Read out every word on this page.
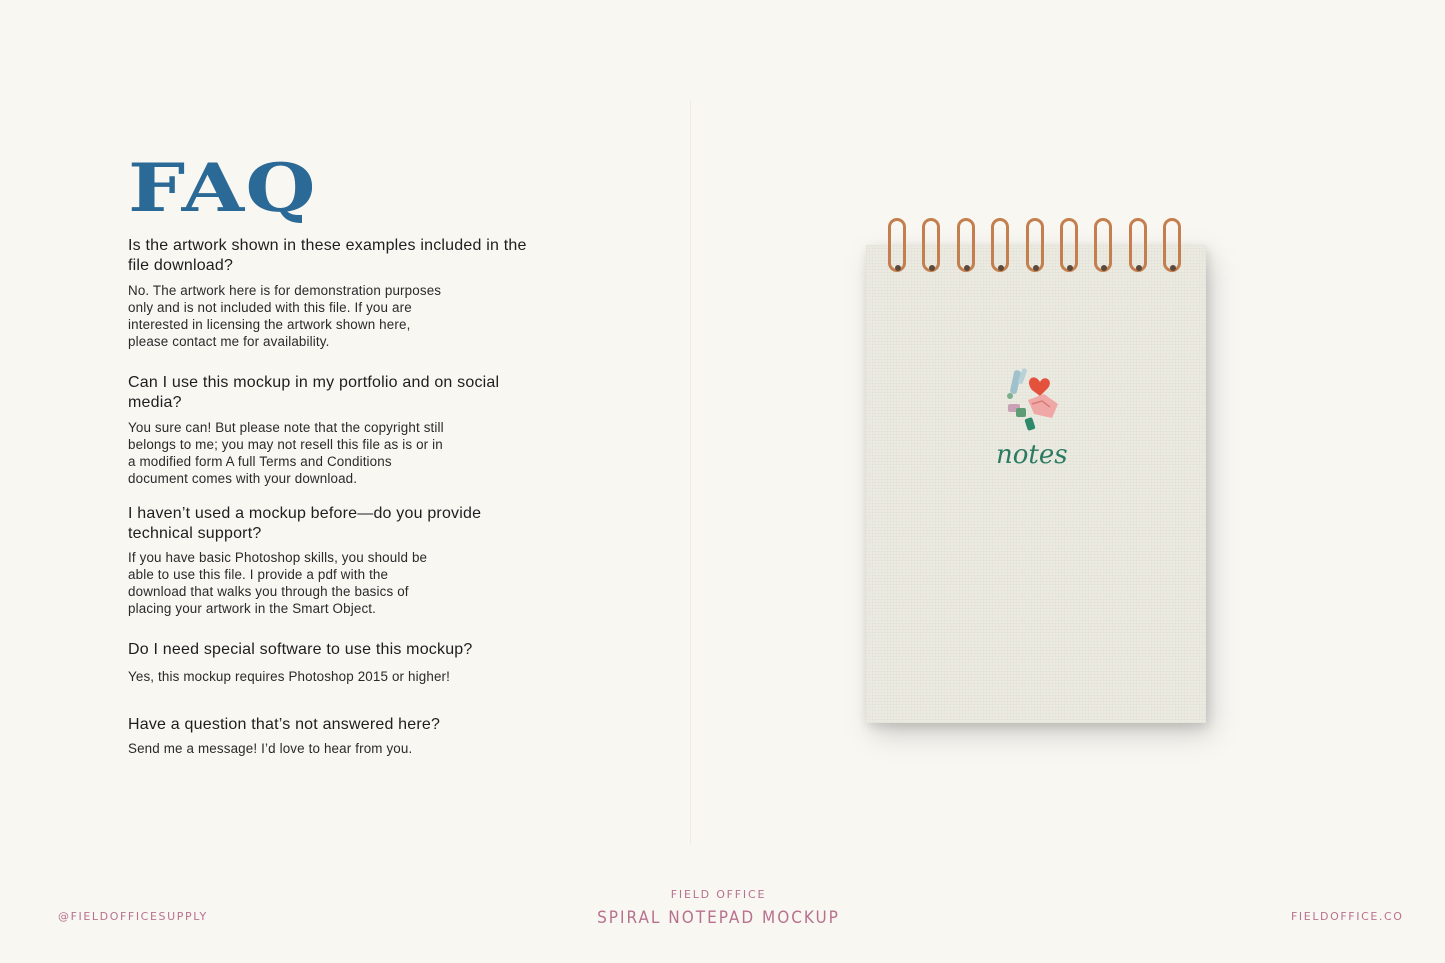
FAQ

Is the artwork shown in these examples included in the file download?

No. The artwork here is for demonstration purposes
only and is not included with this file. If you are
interested in licensing the artwork shown here,
please contact me for availability.

Can I use this mockup in my portfolio and on social media?

You sure can! But please note that the copyright still
belongs to me; you may not resell this file as is or in
a modified form A full Terms and Conditions
document comes with your download.

I haven’t used a mockup before—do you provide technical support?

If you have basic Photoshop skills, you should be
able to use this file. I provide a pdf with the
download that walks you through the basics of
placing your artwork in the Smart Object.

Do I need special software to use this mockup?

Yes, this mockup requires Photoshop 2015 or higher!

Have a question that’s not answered here?

Send me a message! I’d love to hear from you.

notes
@FIELDOFFICESUPPLY
FIELD OFFICE
SPIRAL NOTEPAD MOCKUP	FIELDOFFICE.CO
